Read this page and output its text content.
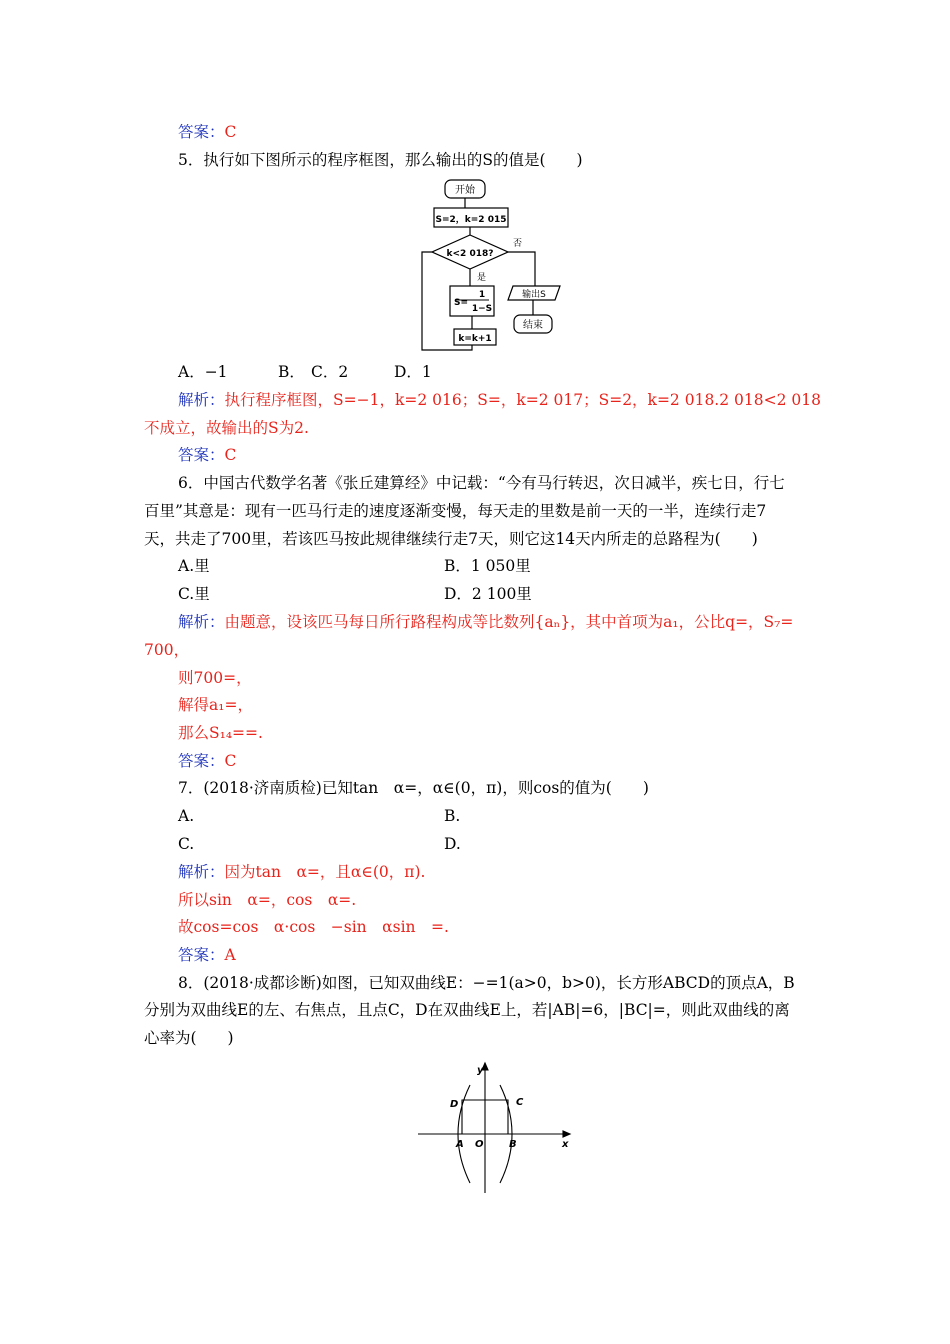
答案：C
5．执行如下图所示的程序框图，那么输出的S的值是(　　)
开始
S=2，k=2 015
k<2 018?
否
是
S=
1
1−S
k=k+1
输出S
结束
A．−1	B． C．2	D．1
解析：执行程序框图，S=−1，k=2 016；S=，k=2 017；S=2，k=2 018.2 018<2 018
不成立，故输出的S为2.
答案：C
6．中国古代数学名著《张丘建算经》中记载：“今有马行转迟，次日减半，疾七日，行七
百里”其意是：现有一匹马行走的速度逐渐变慢，每天走的里数是前一天的一半，连续行走7
天，共走了700里，若该匹马按此规律继续行走7天，则它这14天内所走的总路程为(　　)
A.里	B．1 050里
C.里	D．2 100里
解析：由题意，设该匹马每日所行路程构成等比数列{aₙ}，其中首项为a₁，公比q=，S₇=
700，
则700=，
解得a₁=，
那么S₁₄==.
答案：C
7．(2018·济南质检)已知tan　α=，α∈(0，π)，则cos的值为(　　)
A.	B.
C.	D.
解析：因为tan　α=，且α∈(0，π).
所以sin　α=，cos　α=.
故cos=cos　α·cos　−sin　αsin　=.
答案：A
8．(2018·成都诊断)如图，已知双曲线E：−=1(a>0，b>0)，长方形ABCD的顶点A，B
分别为双曲线E的左、右焦点，且点C，D在双曲线E上，若|AB|=6，|BC|=，则此双曲线的离
心率为(　　)
y
x
O
A	B
C
D
